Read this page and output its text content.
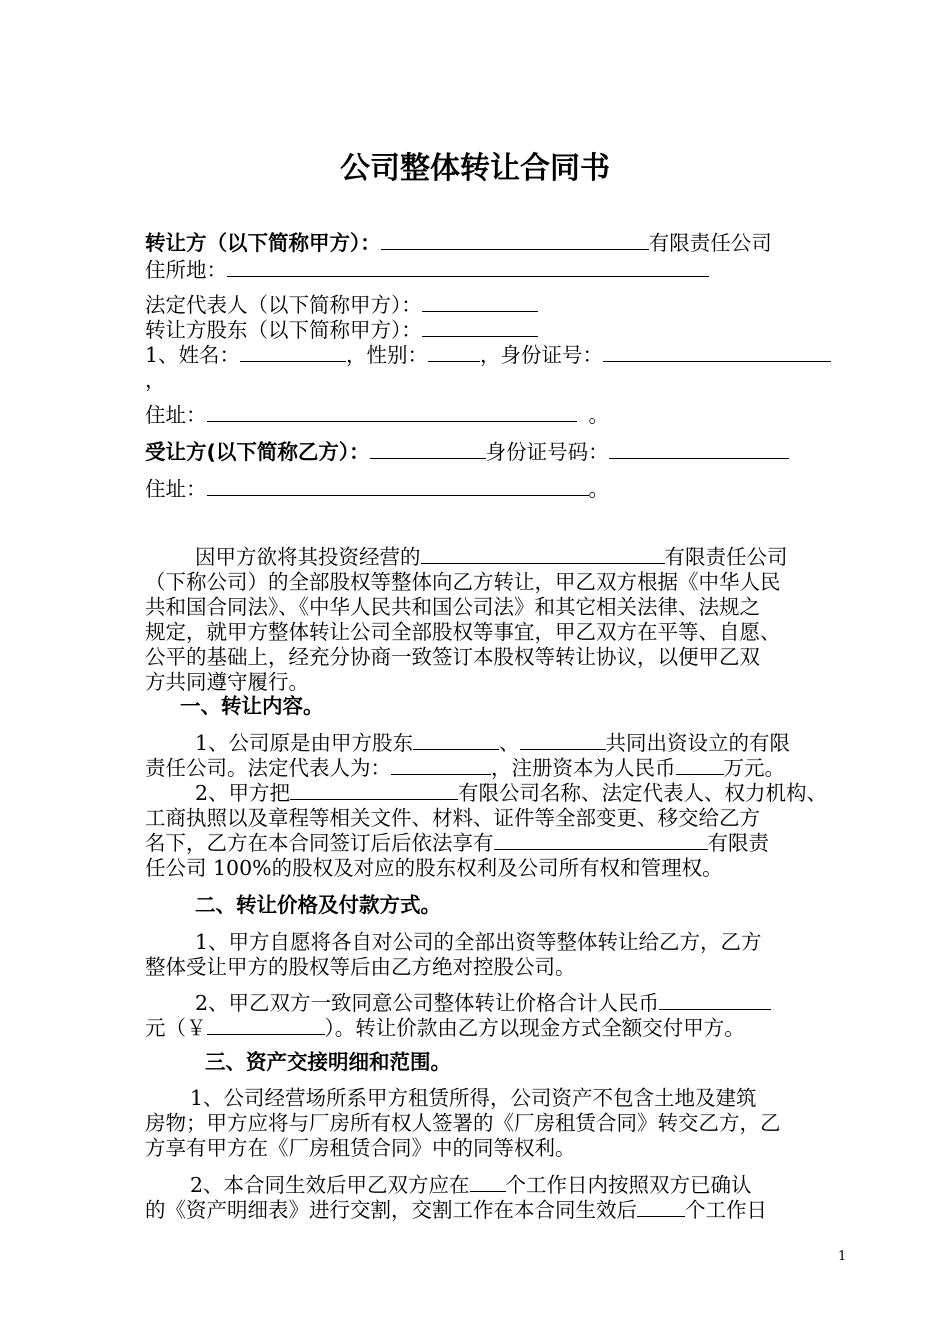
公司整体转让合同书
转让方（以下简称甲方）：	有限责任公司
住所地：
法定代表人（以下简称甲方）：
转让方股东（以下简称甲方）：
1、姓名：	，性别：	，身份证号：
，
住址：	。
受让方(以下简称乙方）：	身份证号码：
住址：	。
因甲方欲将其投资经营的	有限责任公司
（下称公司）的全部股权等整体向乙方转让，甲乙双方根据《中华人民
共和国合同法》、《中华人民共和国公司法》和其它相关法律、法规之
规定，就甲方整体转让公司全部股权等事宜，甲乙双方在平等、自愿、
公平的基础上，经充分协商一致签订本股权等转让协议，以便甲乙双
方共同遵守履行。
一、转让内容。
1、公司原是由甲方股东	、	共同出资设立的有限
责任公司。法定代表人为：	，注册资本为人民币 万元。
2、甲方把	有限公司名称、法定代表人、权力机构、
工商执照以及章程等相关文件、材料、证件等全部变更、移交给乙方
名下，乙方在本合同签订后后依法享有	有限责
任公司 100%的股权及对应的股东权利及公司所有权和管理权。
二、转让价格及付款方式。
1、甲方自愿将各自对公司的全部出资等整体转让给乙方，乙方
整体受让甲方的股权等后由乙方绝对控股公司。
2、甲乙双方一致同意公司整体转让价格合计人民币
元（￥	）。转让价款由乙方以现金方式全额交付甲方。
三、资产交接明细和范围。
1、公司经营场所系甲方租赁所得，公司资产不包含土地及建筑
房物；甲方应将与厂房所有权人签署的《厂房租赁合同》转交乙方，乙
方享有甲方在《厂房租赁合同》中的同等权利。
2、本合同生效后甲乙双方应在 个工作日内按照双方已确认
的《资产明细表》进行交割，交割工作在本合同生效后 个工作日
1
